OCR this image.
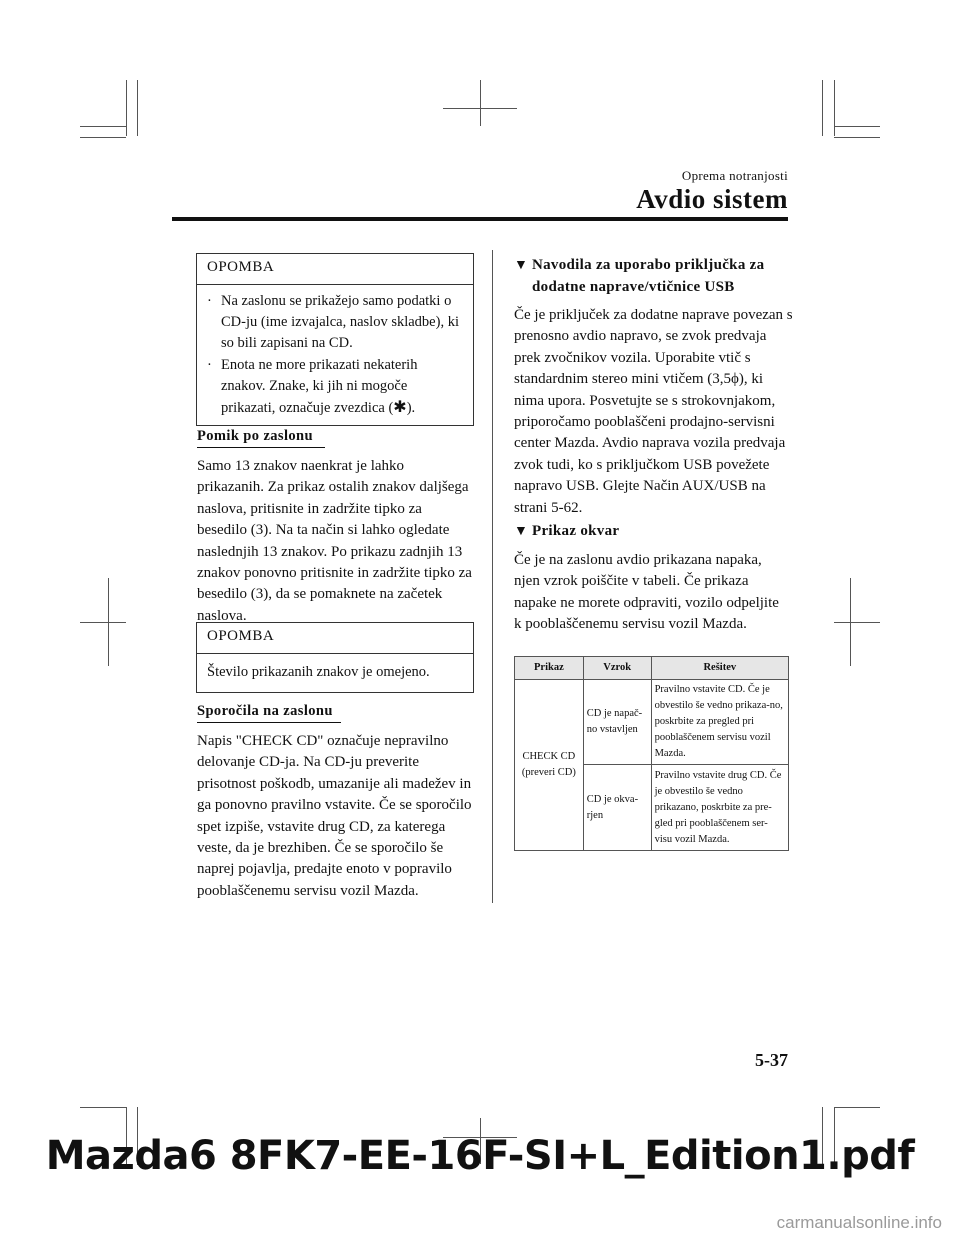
Oprema notranjosti
Avdio sistem
OPOMBA
· Na zaslonu se prikažejo samo podatki o CD-ju (ime izvajalca, naslov skladbe), ki so bili zapisani na CD.
· Enota ne more prikazati nekaterih znakov. Znake, ki jih ni mogoče prikazati, označuje zvezdica (✱).
Pomik po zaslonu
Samo 13 znakov naenkrat je lahko prikazanih. Za prikaz ostalih znakov daljšega naslova, pritisnite in zadržite tipko za besedilo (3). Na ta način si lahko ogledate naslednjih 13 znakov. Po prikazu zadnjih 13 znakov ponovno pritisnite in zadržite tipko za besedilo (3), da se pomaknete na začetek naslova.
OPOMBA
Število prikazanih znakov je omejeno.
Sporočila na zaslonu
Napis "CHECK CD" označuje nepravilno delovanje CD-ja. Na CD-ju preverite prisotnost poškodb, umazanije ali madežev in ga ponovno pravilno vstavite. Če se sporočilo spet izpiše, vstavite drug CD, za katerega veste, da je brezhiben. Če se sporočilo še naprej pojavlja, predajte enoto v popravilo pooblaščenemu servisu vozil Mazda.
▼ Navodila za uporabo priključka za dodatne naprave/vtičnice USB
Če je priključek za dodatne naprave povezan s prenosno avdio napravo, se zvok predvaja prek zvočnikov vozila. Uporabite vtič s standardnim stereo mini vtičem (3,5ϕ), ki nima upora. Posvetujte se s strokovnjakom, priporočamo pooblaščeni prodajno-servisni center Mazda. Avdio naprava vozila predvaja zvok tudi, ko s priključkom USB povežete napravo USB. Glejte Način AUX/USB na strani 5-62.
▼ Prikaz okvar
Če je na zaslonu avdio prikazana napaka, njen vzrok poiščite v tabeli. Če prikaza napake ne morete odpraviti, vozilo odpeljite k pooblaščenemu servisu vozil Mazda.
Prikaz	Vzrok	Rešitev
CHECK CD (preveri CD)	CD je napač-no vstavljen	Pravilno vstavite CD. Če je obvestilo še vedno prikaza-no, poskrbite za pregled pri pooblaščenem servisu vozil Mazda.
	CD je okva-rjen	Pravilno vstavite drug CD. Če je obvestilo še vedno prikazano, poskrbite za pre-gled pri pooblaščenem ser-visu vozil Mazda.
5-37
Mazda6 8FK7-EE-16F-SI+L_Edition1.pdf
carmanualsonline.info
